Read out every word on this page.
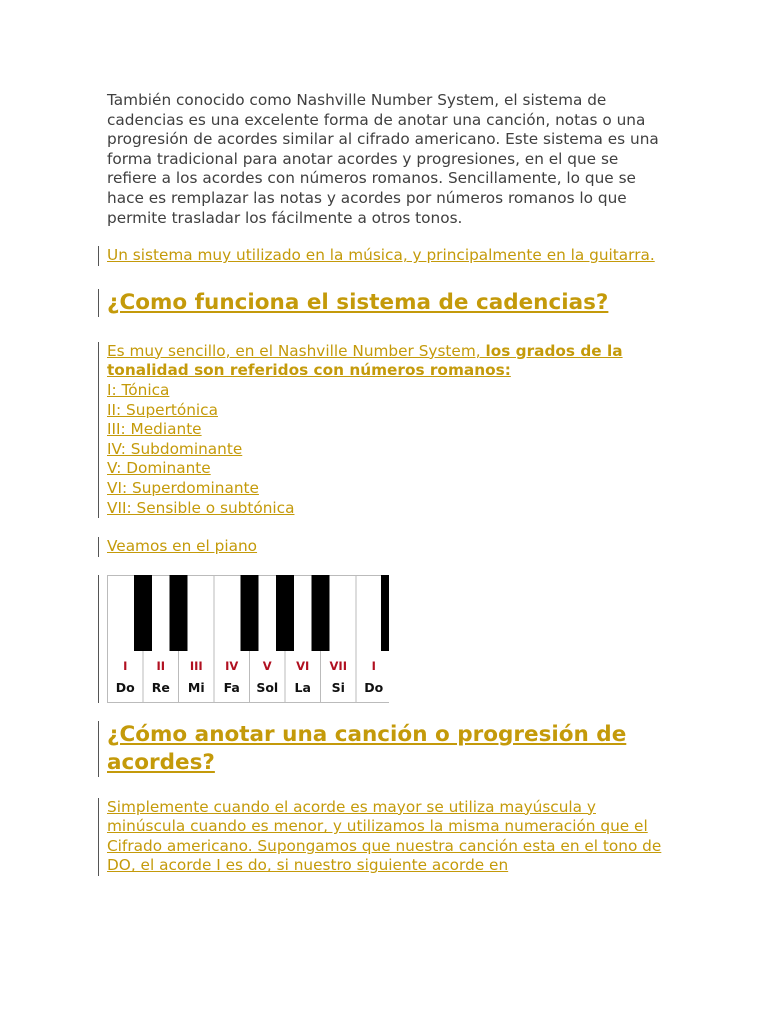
También conocido como Nashville Number System, el sistema de cadencias es una excelente forma de anotar una canción, notas o una progresión de acordes similar al cifrado americano. Este sistema es una forma tradicional para anotar acordes y progresiones, en el que se refiere a los acordes con números romanos. Sencillamente, lo que se hace es remplazar las notas y acordes por números romanos lo que permite trasladar los fácilmente a otros tonos.

Un sistema muy utilizado en la música, y principalmente en la guitarra.
¿Como funciona el sistema de cadencias?
Es muy sencillo, en el Nashville Number System, los grados de la tonalidad son referidos con números romanos:
I: Tónica
II: Supertónica
III: Mediante
IV: Subdominante
V: Dominante
VI: Superdominante
VII: Sensible o subtónica
Veamos en el piano
I
Do
II
Re
III
Mi
IV
Fa
V
Sol
VI
La
VII
Si
I
Do
¿Cómo anotar una canción o progresión de acordes?
Simplemente cuando el acorde es mayor se utiliza mayúscula y minúscula cuando es menor, y utilizamos la misma numeración que el Cifrado americano. Supongamos que nuestra canción esta en el tono de DO, el acorde I es do, si nuestro siguiente acorde en
